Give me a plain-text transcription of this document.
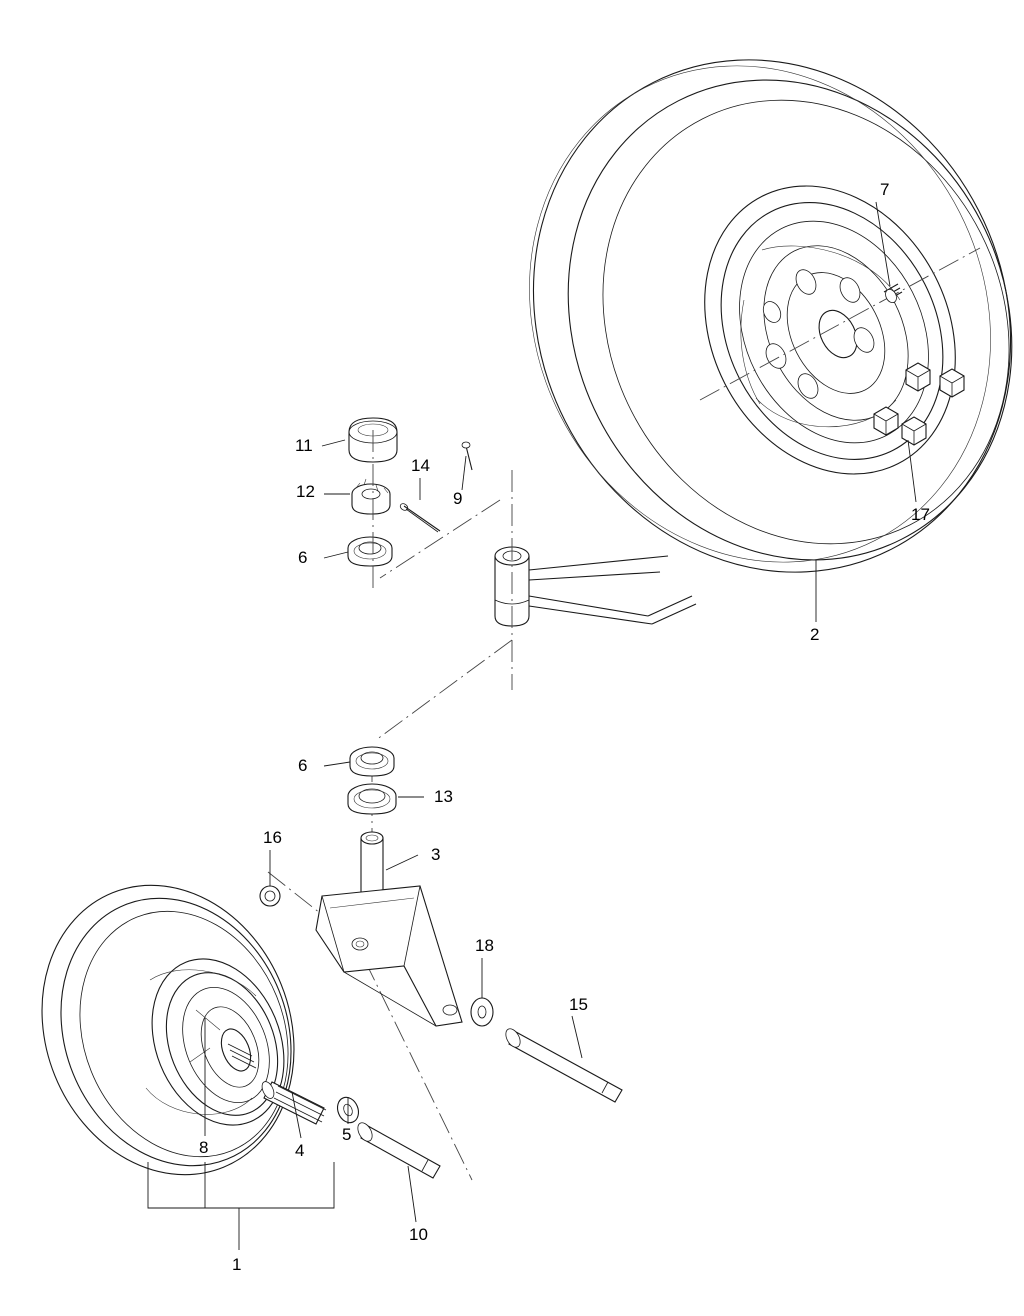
1
2
3
4
5
6
6
7
8
9
10
11
12
13
14
15
16
17
18
